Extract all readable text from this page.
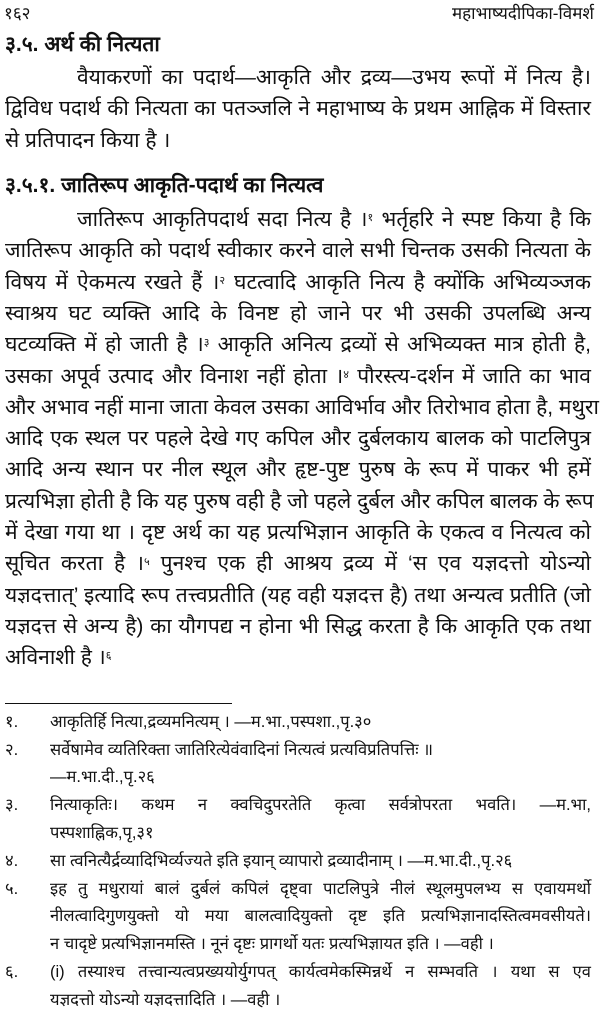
१६२	महाभाष्यदीपिका-विमर्श
३.५. अर्थ की नित्यता
वैयाकरणों का पदार्थ—आकृति और द्रव्य—उभय रूपों में नित्य है।
द्विविध पदार्थ की नित्यता का पतञ्जलि ने महाभाष्य के प्रथम आह्निक में विस्तार
से प्रतिपादन किया है ।
३.५.१. जातिरूप आकृति-पदार्थ का नित्यत्व
जातिरूप आकृतिपदार्थ सदा नित्य है ।$^१$ भर्तृहरि ने स्पष्ट किया है कि
जातिरूप आकृति को पदार्थ स्वीकार करने वाले सभी चिन्तक उसकी नित्यता के
विषय में ऐकमत्य रखते हैं ।$^२$ घटत्वादि आकृति नित्य है क्योंकि अभिव्यञ्जक
स्वाश्रय घट व्यक्ति आदि के विनष्ट हो जाने पर भी उसकी उपलब्धि अन्य
घटव्यक्ति में हो जाती है ।$^३$ आकृति अनित्य द्रव्यों से अभिव्यक्त मात्र होती है,
उसका अपूर्व उत्पाद और विनाश नहीं होता ।$^४$ पौरस्त्य-दर्शन में जाति का भाव
और अभाव नहीं माना जाता केवल उसका आविर्भाव और तिरोभाव होता है, मथुरा
आदि एक स्थल पर पहले देखे गए कपिल और दुर्बलकाय बालक को पाटलिपुत्र
आदि अन्य स्थान पर नील स्थूल और हृष्ट-पुष्ट पुरुष के रूप में पाकर भी हमें
प्रत्यभिज्ञा होती है कि यह पुरुष वही है जो पहले दुर्बल और कपिल बालक के रूप
में देखा गया था । दृष्ट अर्थ का यह प्रत्यभिज्ञान आकृति के एकत्व व नित्यत्व को
सूचित करता है ।$^५$ पुनश्च एक ही आश्रय द्रव्य में ‘स एव यज्ञदत्तो योऽन्यो
यज्ञदत्तात्’ इत्यादि रूप तत्त्वप्रतीति (यह वही यज्ञदत्त है) तथा अन्यत्व प्रतीति (जो
यज्ञदत्त से अन्य है) का यौगपद्य न होना भी सिद्ध करता है कि आकृति एक तथा
अविनाशी है ।$^६$
१.	आकृतिर्हि नित्या,द्रव्यमनित्यम् । —म.भा.,पस्पशा.,पृ.३०
२.	सर्वेषामेव व्यतिरिक्ता जातिरित्येवंवादिनां नित्यत्वं प्रत्यविप्रतिपत्तिः ॥
—म.भा.दी.,पृ.२६
३.	नित्याकृतिः। कथम न क्वचिदुपरतेति कृत्वा सर्वत्रोपरता भवति। —म.भा,
पस्पशाह्निक,पृ,३१
४.	सा त्वनित्यैर्द्रव्यादिभिर्व्यज्यते इति इयान् व्यापारो द्रव्यादीनाम् । —म.भा.दी.,पृ.२६
५.	इह तु मधुरायां बालं दुर्बलं कपिलं दृष्ट्वा पाटलिपुत्रे नीलं स्थूलमुपलभ्य स एवायमर्थो
नीलत्वादिगुणयुक्तो यो मया बालत्वादियुक्तो दृष्ट इति प्रत्यभिज्ञानादस्तित्वमवसीयते।
न चादृष्टे प्रत्यभिज्ञानमस्ति । नूनं दृष्टः प्रागर्थो यतः प्रत्यभिज्ञायत इति । —वही ।
६.	(i) तस्याश्च तत्त्वान्यत्वप्रख्ययोर्युगपत् कार्यत्वमेकस्मिन्नर्थे न सम्भवति । यथा स एव
यज्ञदत्तो योऽन्यो यज्ञदत्तादिति । —वही ।
